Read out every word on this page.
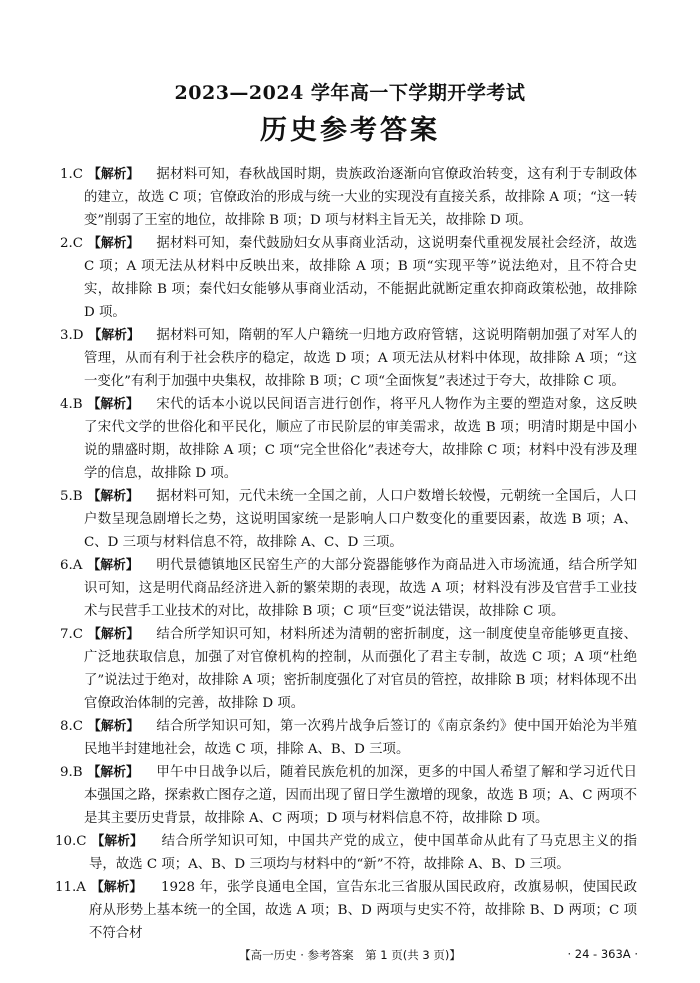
2023—2024 学年高一下学期开学考试
历史参考答案
1.C 【解析】 据材料可知，春秋战国时期，贵族政治逐渐向官僚政治转变，这有利于专制政体的建立，故选 C 项；官僚政治的形成与统一大业的实现没有直接关系，故排除 A 项；“这一转变”削弱了王室的地位，故排除 B 项；D 项与材料主旨无关，故排除 D 项。
2.C 【解析】 据材料可知，秦代鼓励妇女从事商业活动，这说明秦代重视发展社会经济，故选 C 项；A 项无法从材料中反映出来，故排除 A 项；B 项“实现平等”说法绝对，且不符合史实，故排除 B 项；秦代妇女能够从事商业活动，不能据此就断定重农抑商政策松弛，故排除 D 项。
3.D 【解析】 据材料可知，隋朝的军人户籍统一归地方政府管辖，这说明隋朝加强了对军人的管理，从而有利于社会秩序的稳定，故选 D 项；A 项无法从材料中体现，故排除 A 项；“这一变化”有利于加强中央集权，故排除 B 项；C 项“全面恢复”表述过于夸大，故排除 C 项。
4.B 【解析】 宋代的话本小说以民间语言进行创作，将平凡人物作为主要的塑造对象，这反映了宋代文学的世俗化和平民化，顺应了市民阶层的审美需求，故选 B 项；明清时期是中国小说的鼎盛时期，故排除 A 项；C 项“完全世俗化”表述夸大，故排除 C 项；材料中没有涉及理学的信息，故排除 D 项。
5.B 【解析】 据材料可知，元代未统一全国之前，人口户数增长较慢，元朝统一全国后，人口户数呈现急剧增长之势，这说明国家统一是影响人口户数变化的重要因素，故选 B 项；A、C、D 三项与材料信息不符，故排除 A、C、D 三项。
6.A 【解析】 明代景德镇地区民窑生产的大部分瓷器能够作为商品进入市场流通，结合所学知识可知，这是明代商品经济进入新的繁荣期的表现，故选 A 项；材料没有涉及官营手工业技术与民营手工业技术的对比，故排除 B 项；C 项“巨变”说法错误，故排除 C 项。
7.C 【解析】 结合所学知识可知，材料所述为清朝的密折制度，这一制度使皇帝能够更直接、广泛地获取信息，加强了对官僚机构的控制，从而强化了君主专制，故选 C 项；A 项“杜绝了”说法过于绝对，故排除 A 项；密折制度强化了对官员的管控，故排除 B 项；材料体现不出官僚政治体制的完善，故排除 D 项。
8.C 【解析】 结合所学知识可知，第一次鸦片战争后签订的《南京条约》使中国开始沦为半殖民地半封建地社会，故选 C 项，排除 A、B、D 三项。
9.B 【解析】 甲午中日战争以后，随着民族危机的加深，更多的中国人希望了解和学习近代日本强国之路，探索救亡图存之道，因而出现了留日学生激增的现象，故选 B 项；A、C 两项不是其主要历史背景，故排除 A、C 两项；D 项与材料信息不符，故排除 D 项。
10.C 【解析】 结合所学知识可知，中国共产党的成立，使中国革命从此有了马克思主义的指导，故选 C 项；A、B、D 三项均与材料中的“新”不符，故排除 A、B、D 三项。
11.A 【解析】 1928 年，张学良通电全国，宣告东北三省服从国民政府，改旗易帜，使国民政府从形势上基本统一的全国，故选 A 项；B、D 两项与史实不符，故排除 B、D 两项；C 项不符合材
【高一历史 · 参考答案　第 1 页(共 3 页)】	· 24 - 363A ·
